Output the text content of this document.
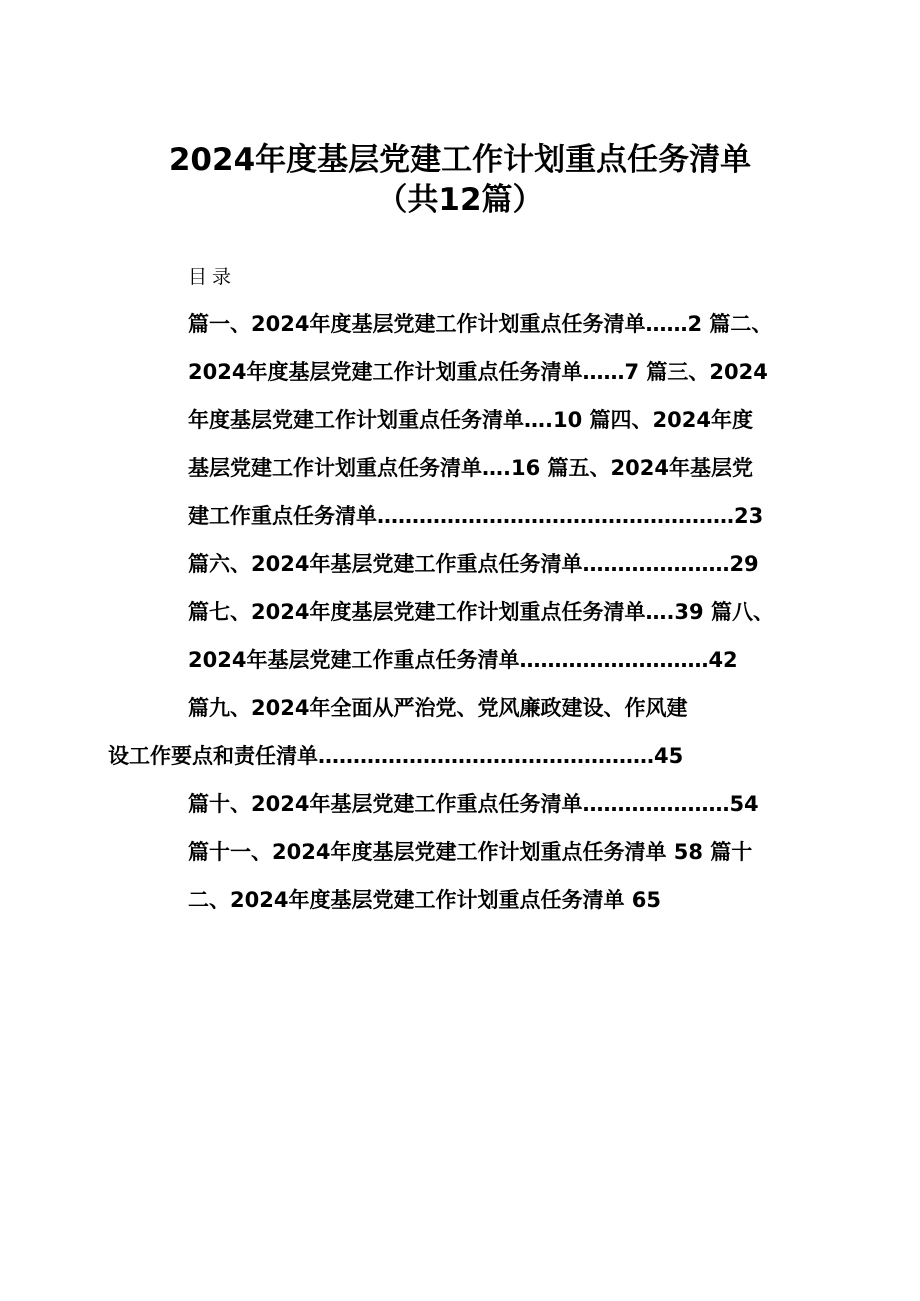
2024年度基层党建工作计划重点任务清单
（共12篇）
目录
篇一、2024年度基层党建工作计划重点任务清单……2 篇二、
2024年度基层党建工作计划重点任务清单……7 篇三、2024
年度基层党建工作计划重点任务清单….10 篇四、2024年度
基层党建工作计划重点任务清单….16 篇五、2024年基层党
建工作重点任务清单……………………………………………23
篇六、2024年基层党建工作重点任务清单…………………29
篇七、2024年度基层党建工作计划重点任务清单….39 篇八、
2024年基层党建工作重点任务清单………………………42
篇九、2024年全面从严治党、党风廉政建设、作风建
设工作要点和责任清单…………………………………………45
篇十、2024年基层党建工作重点任务清单…………………54
篇十一、2024年度基层党建工作计划重点任务清单 58 篇十
二、2024年度基层党建工作计划重点任务清单 65
